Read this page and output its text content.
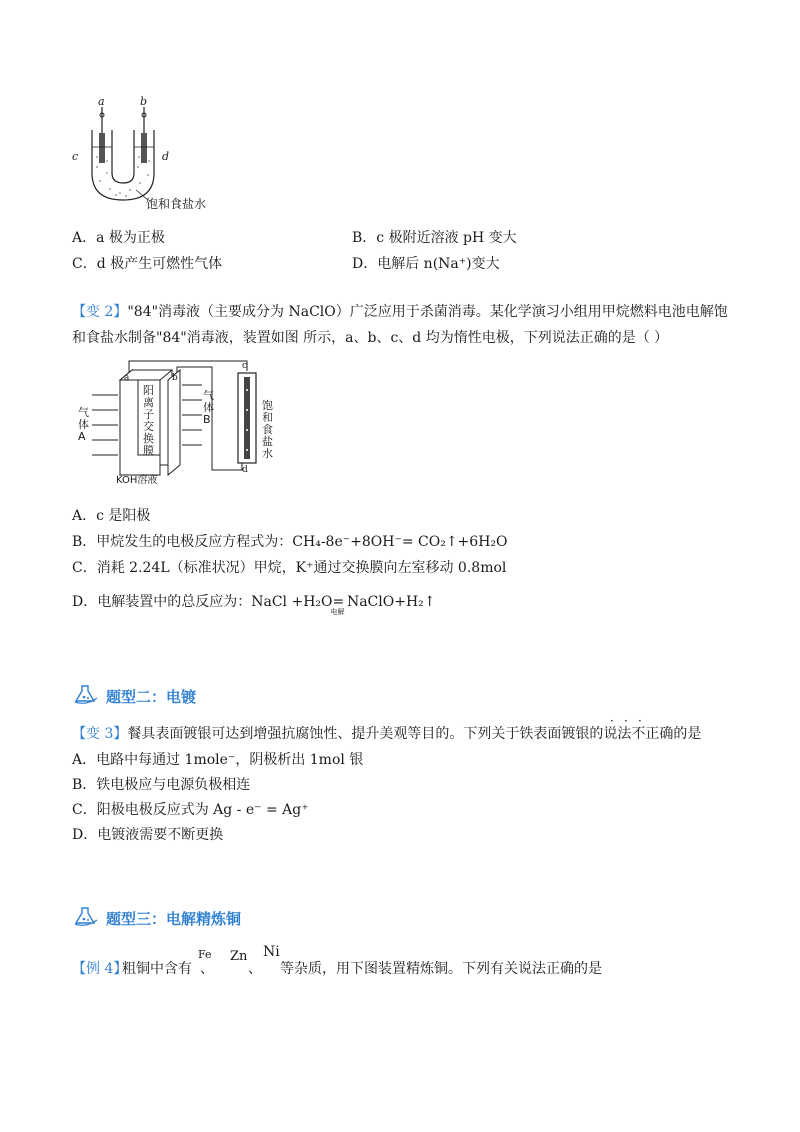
a	b
c	d
饱和食盐水
A．a 极为正极	B．c 极附近溶液 pH 变大
C．d 极产生可燃性气体	D．电解后 n(Na⁺)变大
【变 2】"84"消毒液（主要成分为 NaClO）广泛应用于杀菌消毒。某化学演习小组用甲烷燃料电池电解饱
和食盐水制备"84"消毒液，装置如图 所示，a、b、c、d 均为惰性电极，下列说法正确的是（ ）
气体A
阳离子交换膜
气体B
饱和食盐水
KOH溶液
a	b
c
d
A．c 是阳极
B．甲烷发生的电极反应方程式为：CH₄-8e⁻+8OH⁻= CO₂↑+6H₂O
C．消耗 2.24L（标准状况）甲烷，K⁺通过交换膜向左室移动 0.8mol
D．电解装置中的总反应为：NaCl +H₂O
电解
= NaClO+H₂↑
题型二：电镀
【变 3】餐具表面镀银可达到增强抗腐蚀性、提升美观等目的。下列关于铁表面镀银的说法不正确的是
· · ·
A．电路中每通过 1mole⁻，阴极析出 1mol 银
B．铁电极应与电源负极相连
C．阳极电极反应式为 Ag - e⁻ = Ag⁺
D．电镀液需要不断更换
题型三：电解精炼铜
【例 4】
粗铜中含有
Fe
、
Zn
、
Ni
等杂质，用下图装置精炼铜。下列有关说法正确的是
